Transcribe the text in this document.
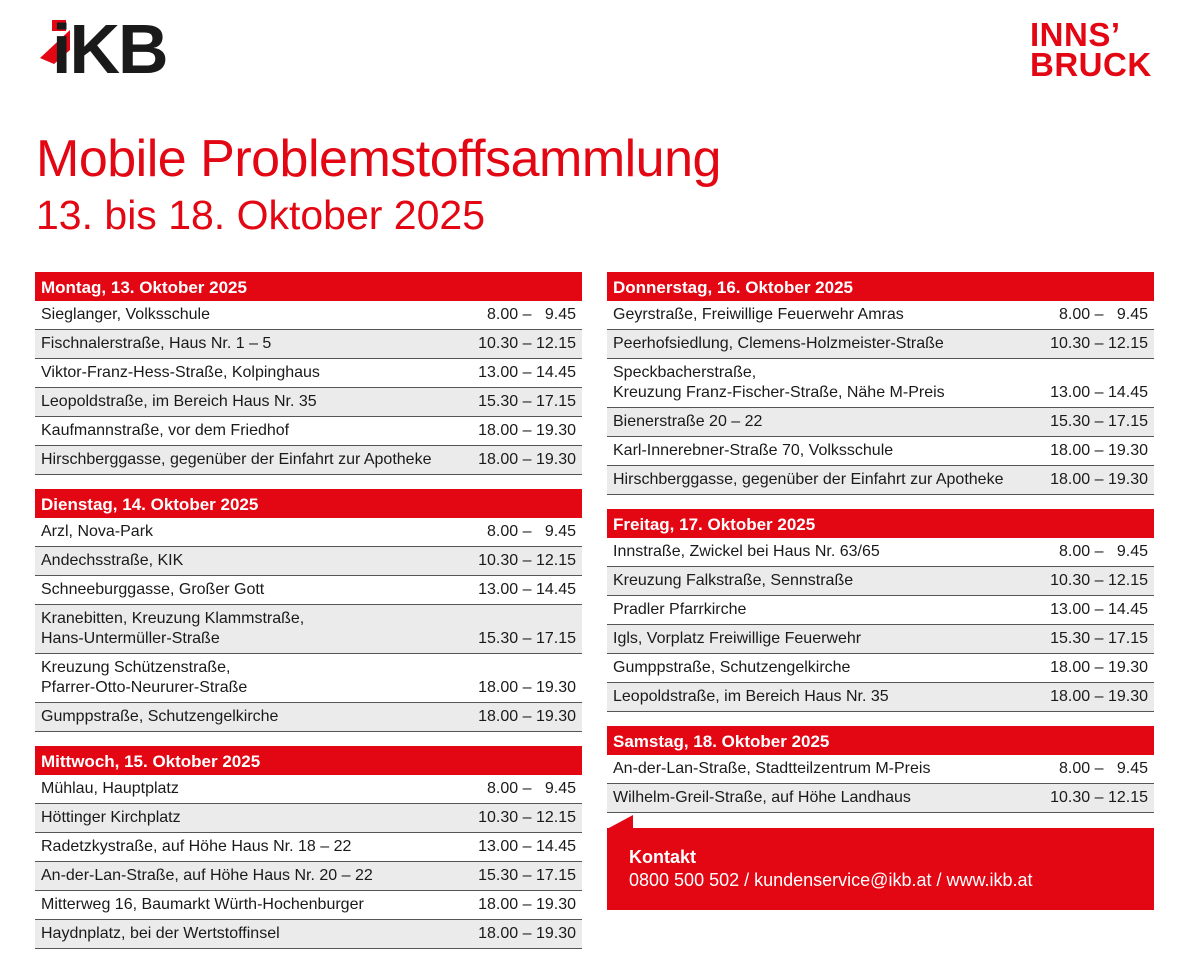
iKB	INNS’
BRUCK
Mobile Problemstoffsammlung
13. bis 18. Oktober 2025
Montag, 13. Oktober 2025
Sieglanger, Volksschule	8.00 –   9.45
Fischnalerstraße, Haus Nr. 1 – 5	10.30 – 12.15
Viktor-Franz-Hess-Straße, Kolpinghaus	13.00 – 14.45
Leopoldstraße, im Bereich Haus Nr. 35	15.30 – 17.15
Kaufmannstraße, vor dem Friedhof	18.00 – 19.30
Hirschberggasse, gegenüber der Einfahrt zur Apotheke	18.00 – 19.30
Dienstag, 14. Oktober 2025
Arzl, Nova-Park	8.00 –   9.45
Andechsstraße, KIK	10.30 – 12.15
Schneeburggasse, Großer Gott	13.00 – 14.45
Kranebitten, Kreuzung Klammstraße,
Hans-Untermüller-Straße	15.30 – 17.15
Kreuzung Schützenstraße,
Pfarrer-Otto-Neururer-Straße	18.00 – 19.30
Gumppstraße, Schutzengelkirche	18.00 – 19.30
Mittwoch, 15. Oktober 2025
Mühlau, Hauptplatz	8.00 –   9.45
Höttinger Kirchplatz	10.30 – 12.15
Radetzkystraße, auf Höhe Haus Nr. 18 – 22	13.00 – 14.45
An-der-Lan-Straße, auf Höhe Haus Nr. 20 – 22	15.30 – 17.15
Mitterweg 16, Baumarkt Würth-Hochenburger	18.00 – 19.30
Haydnplatz, bei der Wertstoffinsel	18.00 – 19.30
Donnerstag, 16. Oktober 2025
Geyrstraße, Freiwillige Feuerwehr Amras	8.00 –   9.45
Peerhofsiedlung, Clemens-Holzmeister-Straße	10.30 – 12.15
Speckbacherstraße,
Kreuzung Franz-Fischer-Straße, Nähe M-Preis	13.00 – 14.45
Bienerstraße 20 – 22	15.30 – 17.15
Karl-Innerebner-Straße 70, Volksschule	18.00 – 19.30
Hirschberggasse, gegenüber der Einfahrt zur Apotheke	18.00 – 19.30
Freitag, 17. Oktober 2025
Innstraße, Zwickel bei Haus Nr. 63/65	8.00 –   9.45
Kreuzung Falkstraße, Sennstraße	10.30 – 12.15
Pradler Pfarrkirche	13.00 – 14.45
Igls, Vorplatz Freiwillige Feuerwehr	15.30 – 17.15
Gumppstraße, Schutzengelkirche	18.00 – 19.30
Leopoldstraße, im Bereich Haus Nr. 35	18.00 – 19.30
Samstag, 18. Oktober 2025
An-der-Lan-Straße, Stadtteilzentrum M-Preis	8.00 –   9.45
Wilhelm-Greil-Straße, auf Höhe Landhaus	10.30 – 12.15
Kontakt
0800 500 502 / kundenservice@ikb.at / www.ikb.at
